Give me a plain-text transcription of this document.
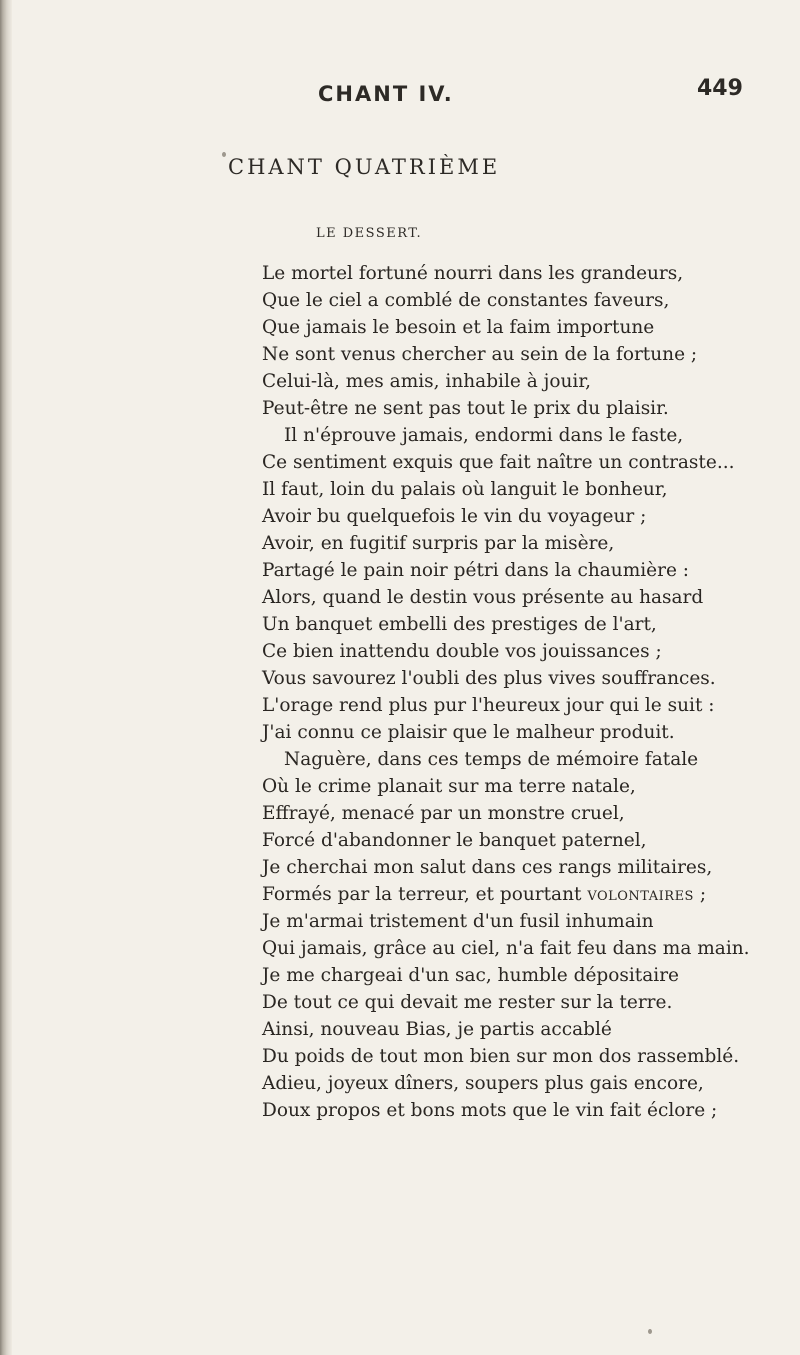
CHANT IV.	449
CHANT QUATRIÈME
LE DESSERT.
Le mortel fortuné nourri dans les grandeurs,
Que le ciel a comblé de constantes faveurs,
Que jamais le besoin et la faim importune
Ne sont venus chercher au sein de la fortune ;
Celui-là, mes amis, inhabile à jouir,
Peut-être ne sent pas tout le prix du plaisir.
Il n'éprouve jamais, endormi dans le faste,
Ce sentiment exquis que fait naître un contraste...
Il faut, loin du palais où languit le bonheur,
Avoir bu quelquefois le vin du voyageur ;
Avoir, en fugitif surpris par la misère,
Partagé le pain noir pétri dans la chaumière :
Alors, quand le destin vous présente au hasard
Un banquet embelli des prestiges de l'art,
Ce bien inattendu double vos jouissances ;
Vous savourez l'oubli des plus vives souffrances.
L'orage rend plus pur l'heureux jour qui le suit :
J'ai connu ce plaisir que le malheur produit.
Naguère, dans ces temps de mémoire fatale
Où le crime planait sur ma terre natale,
Effrayé, menacé par un monstre cruel,
Forcé d'abandonner le banquet paternel,
Je cherchai mon salut dans ces rangs militaires,
Formés par la terreur, et pourtant volontaires ;
Je m'armai tristement d'un fusil inhumain
Qui jamais, grâce au ciel, n'a fait feu dans ma main.
Je me chargeai d'un sac, humble dépositaire
De tout ce qui devait me rester sur la terre.
Ainsi, nouveau Bias, je partis accablé
Du poids de tout mon bien sur mon dos rassemblé.
Adieu, joyeux dîners, soupers plus gais encore,
Doux propos et bons mots que le vin fait éclore ;
